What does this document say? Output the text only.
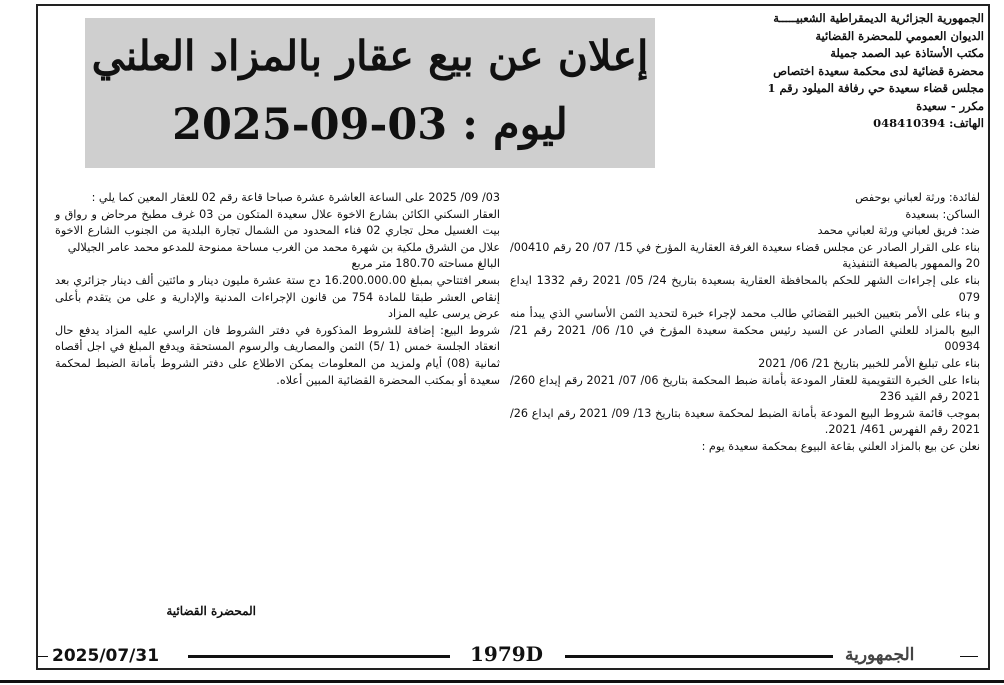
الجمهورية الجزائرية الديمقراطية الشعبيـــــة
الديوان العمومي للمحضرة القضائية
مكتب الأستاذة عبد الصمد جميلة
محضرة قضائية لدى محكمة سعيدة اختصاص
مجلس قضاء سعيدة حي رفافة الميلود رقم 1
مكرر - سعيدة
الهاتف: 048410394
إعلان عن بيع عقار بالمزاد العلني
ليوم : 03-09-2025
لفائدة: ورثة لعباني بوحفص
الساكن: بسعيدة
ضد: فريق لعباني ورثة لعباني محمد
بناء على القرار الصادر عن مجلس قضاء سعيدة الغرفة العقارية المؤرخ في 15/ 07/ 20 رقم 00410/ 20 والممهور بالصيغة التنفيذية
بناء على إجراءات الشهر للحكم بالمحافظة العقارية بسعيدة بتاريخ 24/ 05/ 2021 رقم 1332 ايداع 079
و بناء على الأمر بتعيين الخبير القضائي طالب محمد لإجراء خبرة لتحديد الثمن الأساسي الذي يبدأ منه البيع بالمزاد للعلني الصادر عن السيد رئيس محكمة سعيدة المؤرخ في 10/ 06/ 2021 رقم 21/ 00934
بناء على تبليغ الأمر للخبير بتاريخ 21/ 06/ 2021
بناءا على الخبرة التقويمية للعقار المودعة بأمانة ضبط المحكمة بتاريخ 06/ 07/ 2021 رقم إيداع 260/ 2021 رقم القيد 236
بموجب قائمة شروط البيع المودعة بأمانة الضبط لمحكمة سعيدة بتاريخ 13/ 09/ 2021 رقم ايداع 26/ 2021 رقم الفهرس 461/ 2021.
نعلن عن بيع بالمزاد العلني بقاعة البيوع بمحكمة سعيدة يوم :
03/ 09/ 2025 على الساعة العاشرة عشرة صباحا قاعة رقم 02 للعقار المعين كما يلي :
العقار السكني الكائن بشارع الاخوة علال سعيدة المتكون من 03 غرف مطبخ مرحاض و رواق و بيت الغسيل محل تجاري 02 فناء المحدود من الشمال تجارة البلدية من الجنوب الشارع الاخوة علال من الشرق ملكية بن شهرة محمد من الغرب مساحة ممنوحة للمدعو محمد عامر الجيلالي
البالغ مساحته 180.70 متر مربع
بسعر افتتاحي بمبلغ 16.200.000.00 دج ستة عشرة مليون دينار و مائتين ألف دينار جزائري بعد إنقاص العشر طبقا للمادة 754 من قانون الإجراءات المدنية والإدارية و على من يتقدم بأعلى عرض يرسى عليه المزاد
شروط البيع: إضافة للشروط المذكورة في دفتر الشروط فان الراسي عليه المزاد يدفع حال انعقاد الجلسة خمس (1 /5) الثمن والمصاريف والرسوم المستحقة ويدفع المبلغ في اجل أقصاه ثمانية (08) أيام ولمزيد من المعلومات يمكن الاطلاع على دفتر الشروط بأمانة الضبط لمحكمة سعيدة أو بمكتب المحضرة القضائية المبين أعلاه.
المحضرة القضائية
2025/07/31	1979D	الجمهورية
